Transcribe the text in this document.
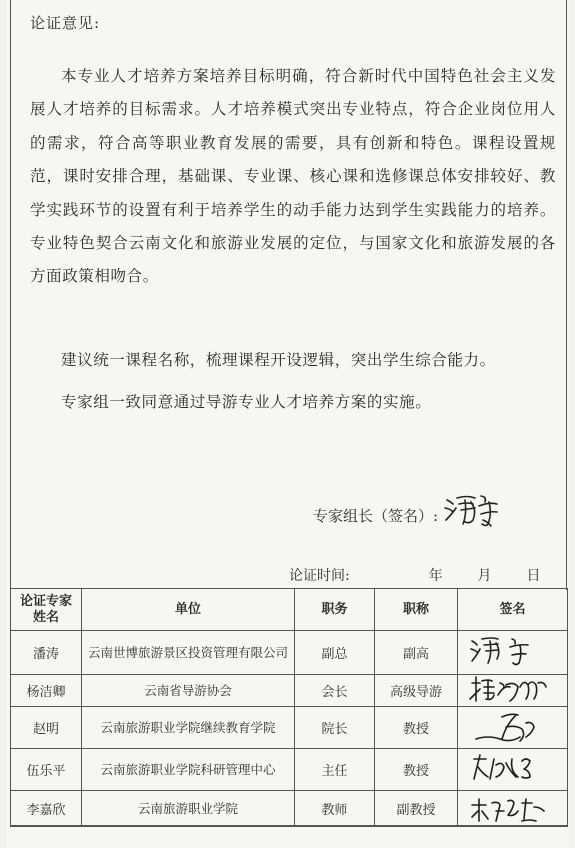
论证意见:

本专业人才培养方案培养目标明确，符合新时代中国特色社会主义发展人才培养的目标需求。人才培养模式突出专业特点，符合企业岗位用人的需求，符合高等职业教育发展的需要，具有创新和特色。课程设置规范，课时安排合理，基础课、专业课、核心课和选修课总体安排较好、教学实践环节的设置有利于培养学生的动手能力达到学生实践能力的培养。专业特色契合云南文化和旅游业发展的定位，与国家文化和旅游发展的各方面政策相吻合。

建议统一课程名称，梳理课程开设逻辑，突出学生综合能力。

专家组一致同意通过导游专业人才培养方案的实施。

专家组长（签名）:
论证时间:	年 月 日
论证专家姓名	单位	职务	职称	签名
潘涛	云南世博旅游景区投资管理有限公司	副总	副高	

杨洁卿	云南省导游协会	会长	高级导游	

赵明	云南旅游职业学院继续教育学院	院长	教授	

伍乐平	云南旅游职业学院科研管理中心	主任	教授	

李嘉欣	云南旅游职业学院	教师	副教授	
